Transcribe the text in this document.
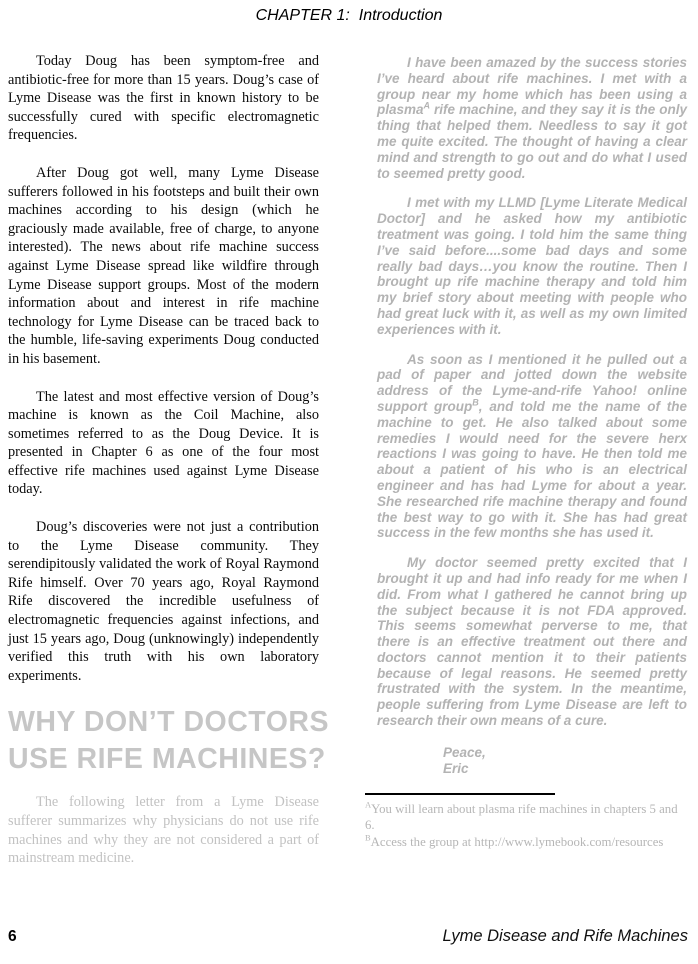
CHAPTER 1:  Introduction

Today Doug has been symptom-free and antibiotic-free for more than 15 years. Doug’s case of Lyme Disease was the first in known history to be successfully cured with specific electromagnetic frequencies.

After Doug got well, many Lyme Disease sufferers followed in his footsteps and built their own machines according to his design (which he graciously made available, free of charge, to anyone interested). The news about rife machine success against Lyme Disease spread like wildfire through Lyme Disease support groups. Most of the modern information about and interest in rife machine technology for Lyme Disease can be traced back to the humble, life-saving experiments Doug conducted in his basement.

The latest and most effective version of Doug’s machine is known as the Coil Machine, also sometimes referred to as the Doug Device. It is presented in Chapter 6 as one of the four most effective rife machines used against Lyme Disease today.

Doug’s discoveries were not just a contribution to the Lyme Disease community. They serendipitously validated the work of Royal Raymond Rife himself. Over 70 years ago, Royal Raymond Rife discovered the incredible usefulness of electromagnetic frequencies against infections, and just 15 years ago, Doug (unknowingly) independently verified this truth with his own laboratory experiments.

WHY DON’T DOCTORS
USE RIFE MACHINES?

The following letter from a Lyme Disease sufferer summarizes why physicians do not use rife machines and why they are not considered a part of mainstream medicine.

I have been amazed by the success stories I’ve heard about rife machines. I met with a group near my home which has been using a plasma$^A$ rife machine, and they say it is the only thing that helped them. Needless to say it got me quite excited. The thought of having a clear mind and strength to go out and do what I used to seemed pretty good.

I met with my LLMD [Lyme Literate Medical Doctor] and he asked how my antibiotic treatment was going. I told him the same thing I’ve said before....some bad days and some really bad days…you know the routine. Then I brought up rife machine therapy and told him my brief story about meeting with people who had great luck with it, as well as my own limited experiences with it.

As soon as I mentioned it he pulled out a pad of paper and jotted down the website address of the Lyme-and-rife Yahoo! online support group$^B$, and told me the name of the machine to get. He also talked about some remedies I would need for the severe herx reactions I was going to have. He then told me about a patient of his who is an electrical engineer and has had Lyme for about a year. She researched rife machine therapy and found the best way to go with it. She has had great success in the few months she has used it.

My doctor seemed pretty excited that I brought it up and had info ready for me when I did. From what I gathered he cannot bring up the subject because it is not FDA approved. This seems somewhat perverse to me, that there is an effective treatment out there and doctors cannot mention it to their patients because of legal reasons. He seemed pretty frustrated with the system. In the meantime, people suffering from Lyme Disease are left to research their own means of a cure.

Peace,
Eric

$^A$You will learn about plasma rife machines in chapters 5 and 6.

$^B$Access the group at http://www.lymebook.com/resources

6	Lyme Disease and Rife Machines
